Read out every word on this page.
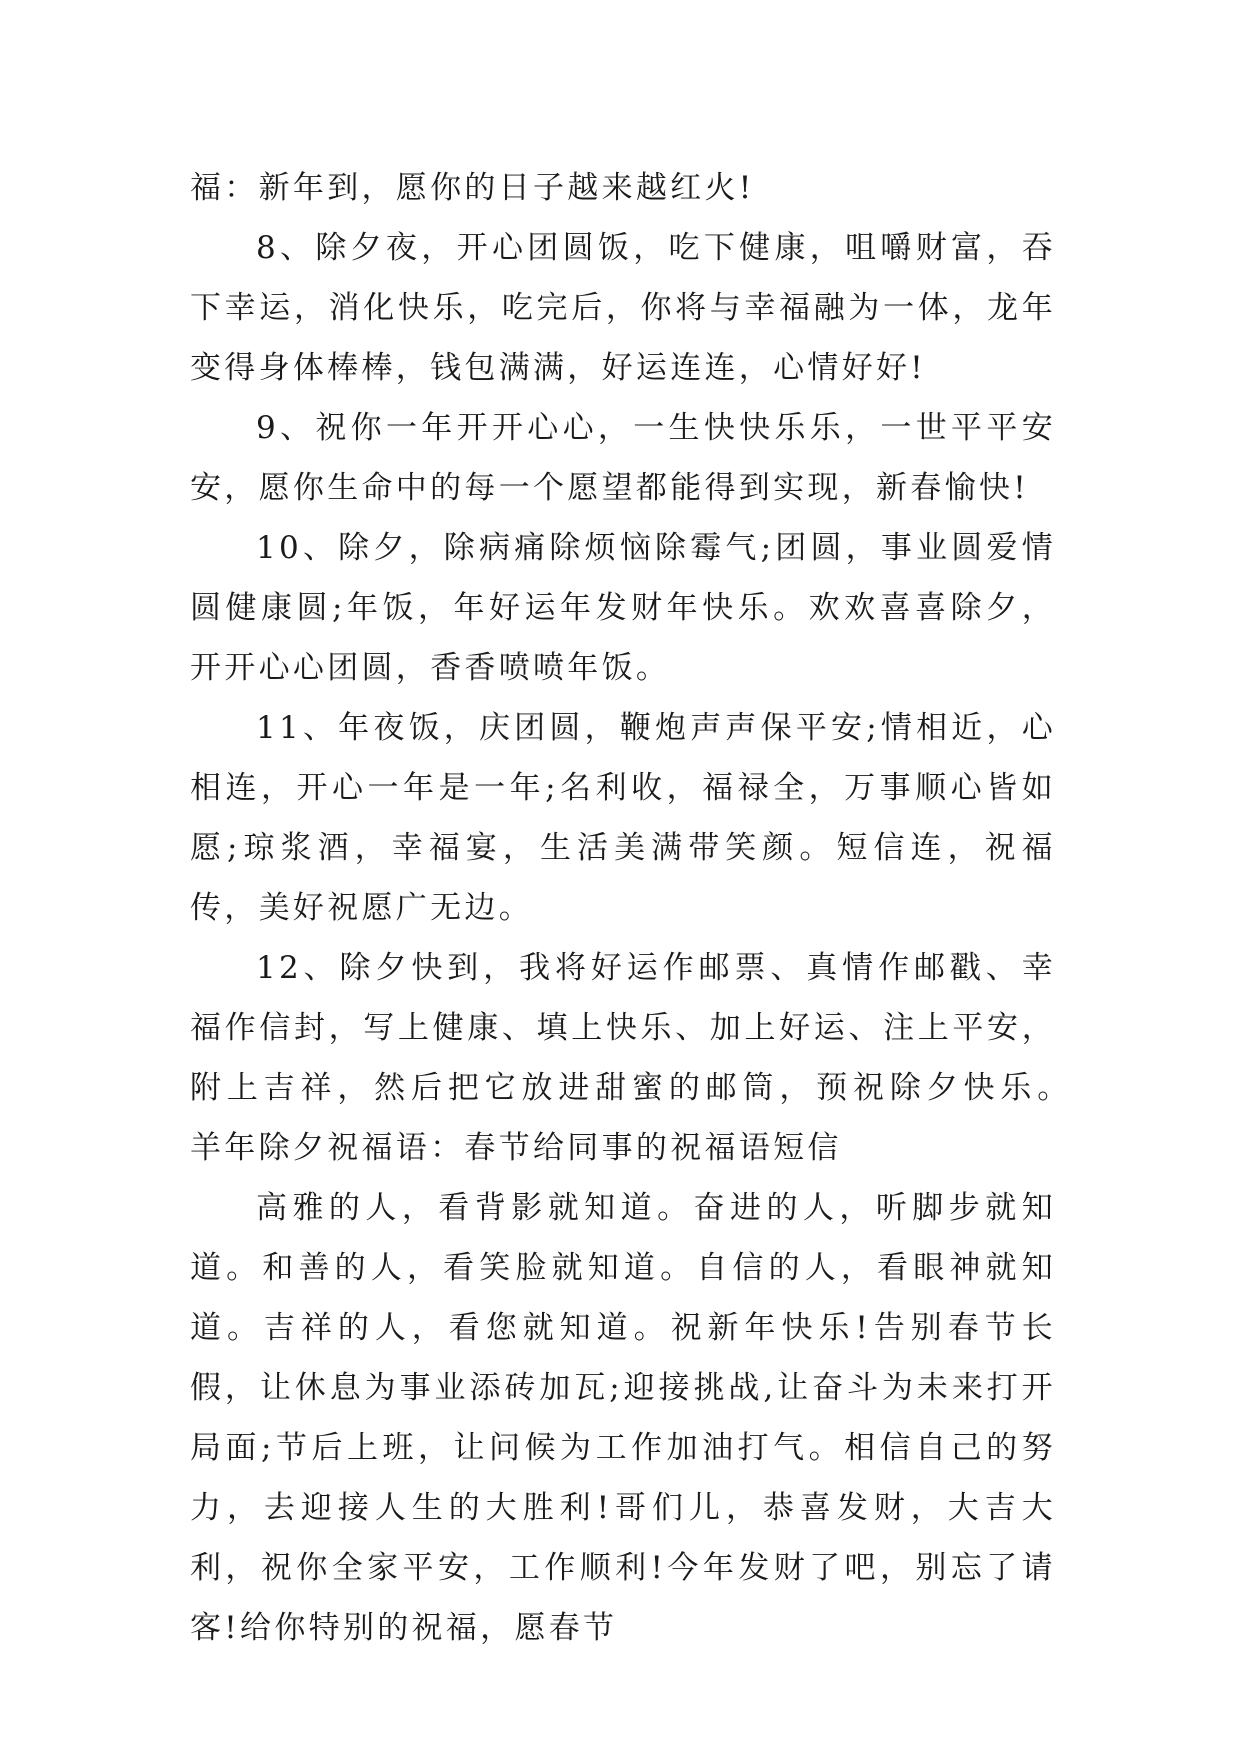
福：新年到，愿你的日子越来越红火!

8、除夕夜，开心团圆饭，吃下健康，咀嚼财富，吞下幸运，消化快乐，吃完后，你将与幸福融为一体，龙年变得身体棒棒，钱包满满，好运连连，心情好好!

9、祝你一年开开心心，一生快快乐乐，一世平平安安，愿你生命中的每一个愿望都能得到实现，新春愉快!

10、除夕，除病痛除烦恼除霉气;团圆，事业圆爱情圆健康圆;年饭，年好运年发财年快乐。欢欢喜喜除夕，开开心心团圆，香香喷喷年饭。

11、年夜饭，庆团圆，鞭炮声声保平安;情相近，心相连，开心一年是一年;名利收，福禄全，万事顺心皆如愿;琼浆酒，幸福宴，生活美满带笑颜。短信连，祝福传，美好祝愿广无边。

12、除夕快到，我将好运作邮票、真情作邮戳、幸福作信封，写上健康、填上快乐、加上好运、注上平安，附上吉祥，然后把它放进甜蜜的邮筒，预祝除夕快乐。　　羊年除夕祝福语：春节给同事的祝福语短信

高雅的人，看背影就知道。奋进的人，听脚步就知道。和善的人，看笑脸就知道。自信的人，看眼神就知道。吉祥的人，看您就知道。祝新年快乐!告别春节长假，让休息为事业添砖加瓦;迎接挑战,让奋斗为未来打开局面;节后上班，让问候为工作加油打气。相信自己的努力，去迎接人生的大胜利!哥们儿，恭喜发财，大吉大利，祝你全家平安，工作顺利!今年发财了吧，别忘了请客!给你特别的祝福，愿春节
